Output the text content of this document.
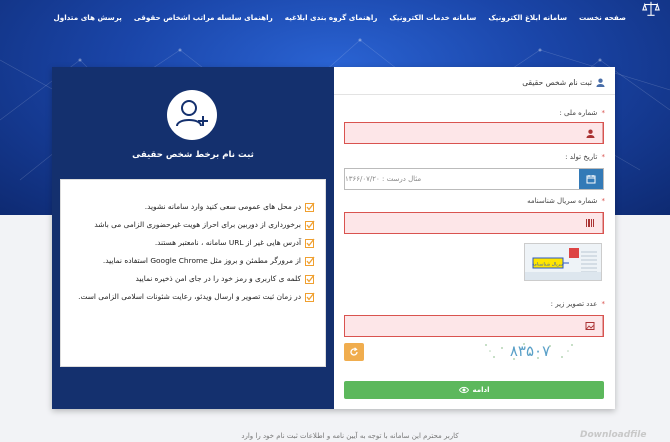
صفحه نخست
سامانه ابلاغ الکترونیک
سامانه خدمات الکترونیک
راهنمای گروه بندی ابلاغیه
راهنمای سلسله مراتب اشخاص حقوقی
پرسش های متداول
ثبت نام برخط شخص حقیقی
در محل های عمومی سعی کنید وارد سامانه نشوید.
برخورداری از دوربین برای احراز هویت غیرحضوری الزامی می باشد
آدرس هایی غیر از URL سامانه ، نامعتبر هستند.
از مرورگر مطمئن و بروز مثل Google Chrome استفاده نمایید.
کلمه ی کاربری و رمز خود را در جای امن ذخیره نمایید
در زمان ثبت تصویر و ارسال ویدئو، رعایت شئونات اسلامی الزامی است.
ثبت نام شخص حقیقی
* شماره ملی :
* تاریخ تولد :
مثال درست : ۱۳۶۶/۰۷/۲۰
* شماره سریال شناسنامه
سریال شناسنامه
* عدد تصویر زیر :
۸۳۵۰۷
ادامه
کاربر محترم این سامانه با توجه به آیین نامه و اطلاعات ثبت نام خود را وارد	Downloadfile
